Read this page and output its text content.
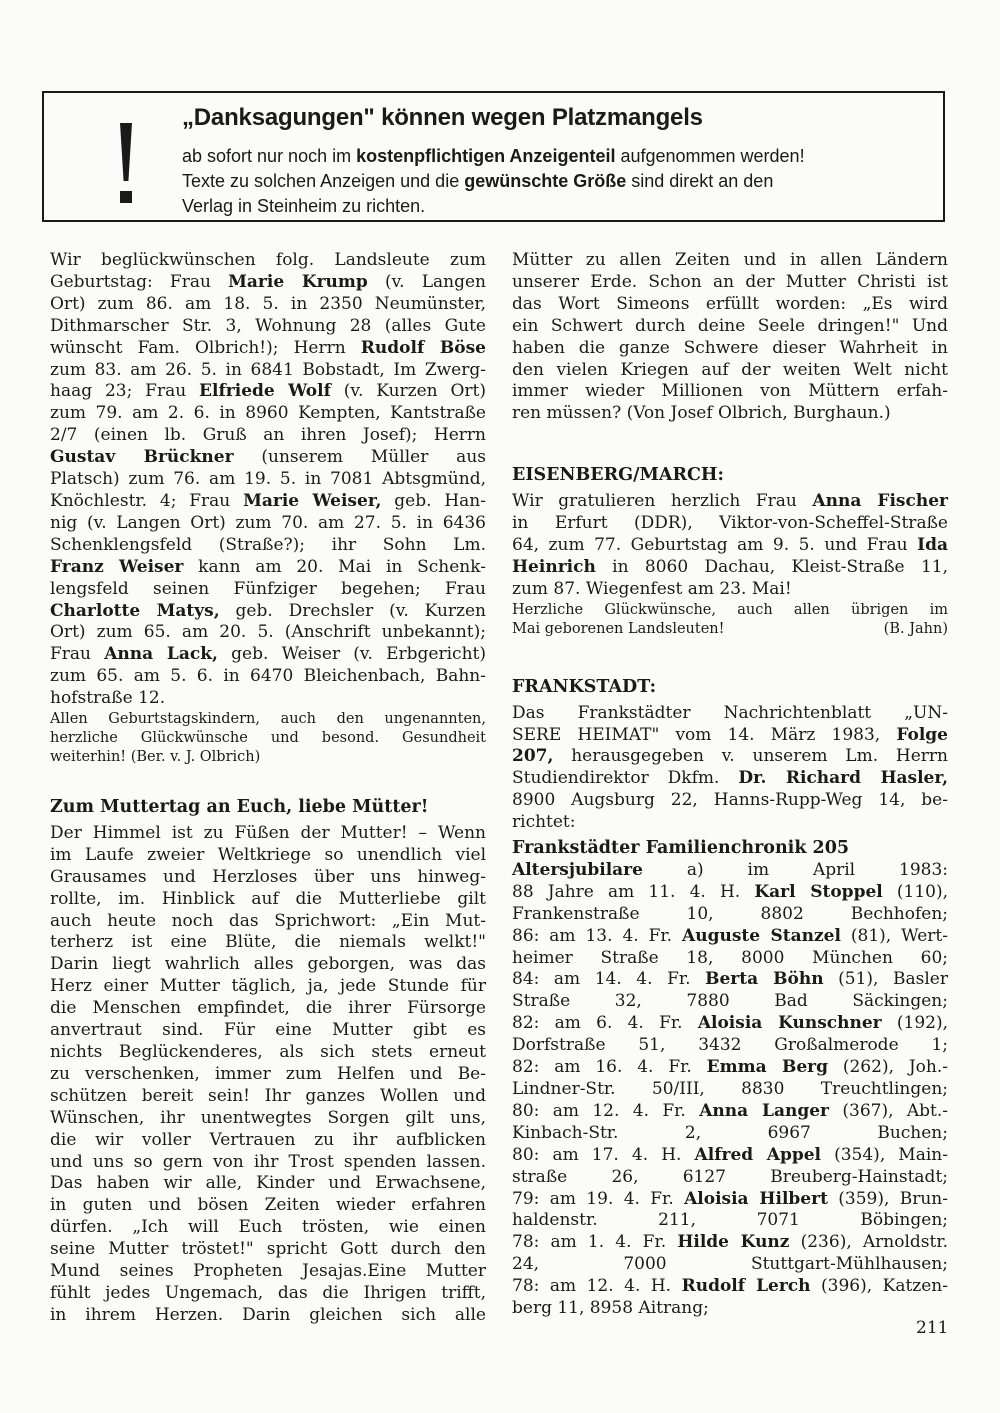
„Danksagungen" können wegen Platzmangels
ab sofort nur noch im kostenpflichtigen Anzeigenteil aufgenommen werden!
Texte zu solchen Anzeigen und die gewünschte Größe sind direkt an den
Verlag in Steinheim zu richten.
Wir beglückwünschen folg. Landsleute zum
Geburtstag: Frau Marie Krump (v. Langen
Ort) zum 86. am 18. 5. in 2350 Neumünster,
Dithmarscher Str. 3, Wohnung 28 (alles Gute
wünscht Fam. Olbrich!); Herrn Rudolf Böse
zum 83. am 26. 5. in 6841 Bobstadt, Im Zwerg-
haag 23; Frau Elfriede Wolf (v. Kurzen Ort)
zum 79. am 2. 6. in 8960 Kempten, Kantstraße
2/7 (einen lb. Gruß an ihren Josef); Herrn
Gustav Brückner (unserem Müller aus
Platsch) zum 76. am 19. 5. in 7081 Abtsgmünd,
Knöchlestr. 4; Frau Marie Weiser, geb. Han-
nig (v. Langen Ort) zum 70. am 27. 5. in 6436
Schenklengsfeld (Straße?); ihr Sohn Lm.
Franz Weiser kann am 20. Mai in Schenk-
lengsfeld seinen Fünfziger begehen; Frau
Charlotte Matys, geb. Drechsler (v. Kurzen
Ort) zum 65. am 20. 5. (Anschrift unbekannt);
Frau Anna Lack, geb. Weiser (v. Erbgericht)
zum 65. am 5. 6. in 6470 Bleichenbach, Bahn-
hofstraße 12.
Allen Geburtstagskindern, auch den ungenannten,
herzliche Glückwünsche und besond. Gesundheit
weiterhin! (Ber. v. J. Olbrich)
Zum Muttertag an Euch, liebe Mütter!
Der Himmel ist zu Füßen der Mutter! – Wenn
im Laufe zweier Weltkriege so unendlich viel
Grausames und Herzloses über uns hinweg-
rollte, im. Hinblick auf die Mutterliebe gilt
auch heute noch das Sprichwort: „Ein Mut-
terherz ist eine Blüte, die niemals welkt!"
Darin liegt wahrlich alles geborgen, was das
Herz einer Mutter täglich, ja, jede Stunde für
die Menschen empfindet, die ihrer Fürsorge
anvertraut sind. Für eine Mutter gibt es
nichts Beglückenderes, als sich stets erneut
zu verschenken, immer zum Helfen und Be-
schützen bereit sein! Ihr ganzes Wollen und
Wünschen, ihr unentwegtes Sorgen gilt uns,
die wir voller Vertrauen zu ihr aufblicken
und uns so gern von ihr Trost spenden lassen.
Das haben wir alle, Kinder und Erwachsene,
in guten und bösen Zeiten wieder erfahren
dürfen. „Ich will Euch trösten, wie einen
seine Mutter tröstet!" spricht Gott durch den
Mund seines Propheten Jesajas.Eine Mutter
fühlt jedes Ungemach, das die Ihrigen trifft,
in ihrem Herzen. Darin gleichen sich alle
Mütter zu allen Zeiten und in allen Ländern
unserer Erde. Schon an der Mutter Christi ist
das Wort Simeons erfüllt worden: „Es wird
ein Schwert durch deine Seele dringen!" Und
haben die ganze Schwere dieser Wahrheit in
den vielen Kriegen auf der weiten Welt nicht
immer wieder Millionen von Müttern erfah-
ren müssen? (Von Josef Olbrich, Burghaun.)
EISENBERG/MARCH:
Wir gratulieren herzlich Frau Anna Fischer
in Erfurt (DDR), Viktor-von-Scheffel-Straße
64, zum 77. Geburtstag am 9. 5. und Frau Ida
Heinrich in 8060 Dachau, Kleist-Straße 11,
zum 87. Wiegenfest am 23. Mai!
Herzliche Glückwünsche, auch allen übrigen im
Mai geborenen Landsleuten!	(B. Jahn)
FRANKSTADT:
Das Frankstädter Nachrichtenblatt „UN-
SERE HEIMAT" vom 14. März 1983, Folge
207, herausgegeben v. unserem Lm. Herrn
Studiendirektor Dkfm. Dr. Richard Hasler,
8900 Augsburg 22, Hanns-Rupp-Weg 14, be-
richtet:
Frankstädter Familienchronik 205
Altersjubilare a) im April 1983:
88 Jahre am 11. 4. H. Karl Stoppel (110),
Frankenstraße 10, 8802 Bechhofen;
86: am 13. 4. Fr. Auguste Stanzel (81), Wert-
heimer Straße 18, 8000 München 60;
84: am 14. 4. Fr. Berta Böhn (51), Basler
Straße 32, 7880 Bad Säckingen;
82: am 6. 4. Fr. Aloisia Kunschner (192),
Dorfstraße 51, 3432 Großalmerode 1;
82: am 16. 4. Fr. Emma Berg (262), Joh.-
Lindner-Str. 50/III, 8830 Treuchtlingen;
80: am 12. 4. Fr. Anna Langer (367), Abt.-
Kinbach-Str. 2, 6967 Buchen;
80: am 17. 4. H. Alfred Appel (354), Main-
straße 26, 6127 Breuberg-Hainstadt;
79: am 19. 4. Fr. Aloisia Hilbert (359), Brun-
haldenstr. 211, 7071 Böbingen;
78: am 1. 4. Fr. Hilde Kunz (236), Arnoldstr.
24, 7000 Stuttgart-Mühlhausen;
78: am 12. 4. H. Rudolf Lerch (396), Katzen-
berg 11, 8958 Aitrang;
211
